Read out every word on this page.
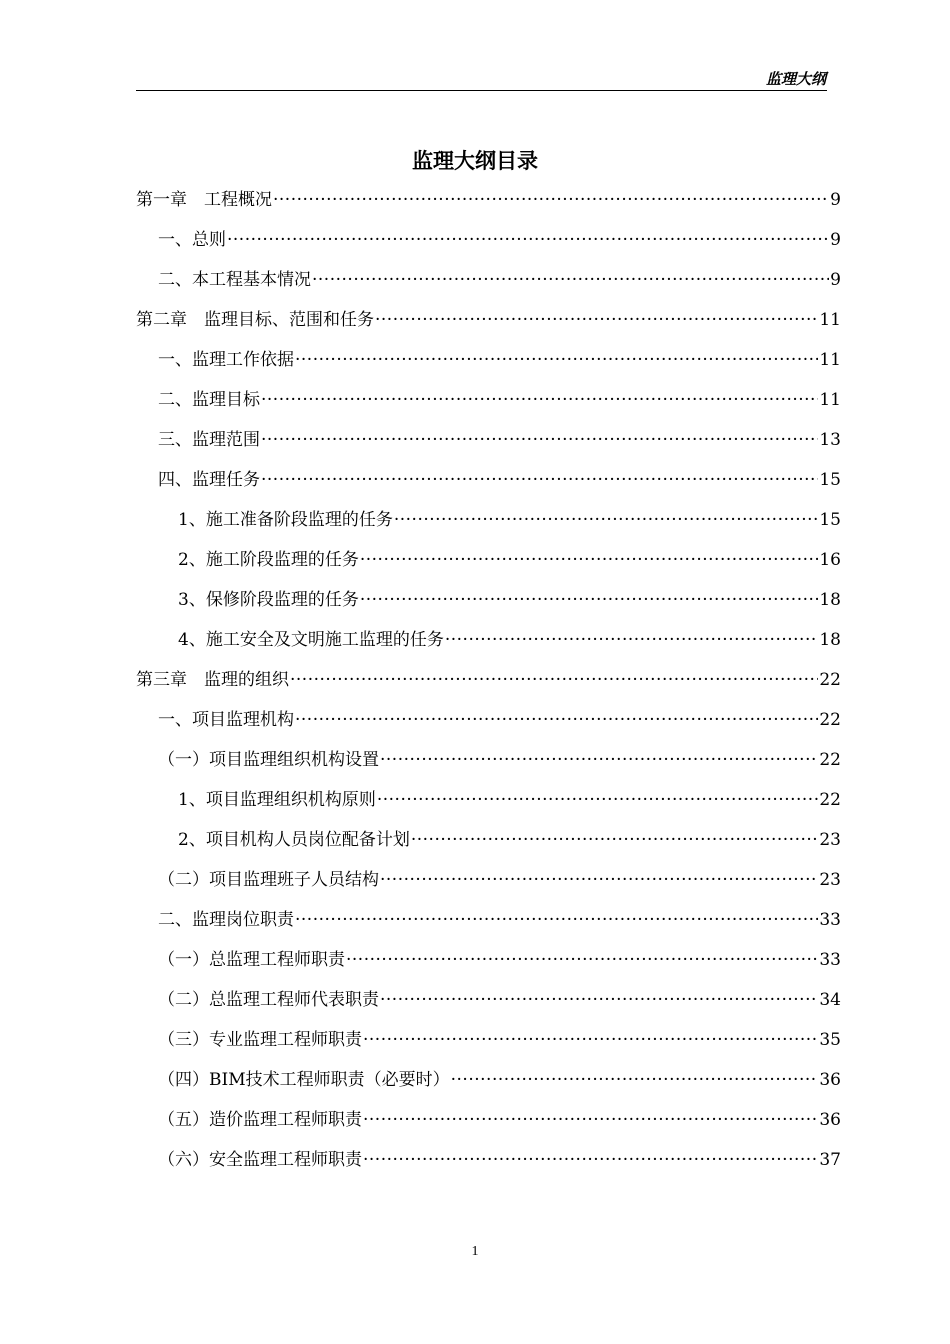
监理大纲
监理大纲目录
第一章　工程概况 ·····	9
一、总则 ·····	9
二、本工程基本情况 ·····	9
第二章　监理目标、范围和任务 ·····	11
一、监理工作依据 ·····	11
二、监理目标 ·····	11
三、监理范围 ·····	13
四、监理任务 ·····	15
1、施工准备阶段监理的任务 ·····	15
2、施工阶段监理的任务 ·····	16
3、保修阶段监理的任务 ·····	18
4、施工安全及文明施工监理的任务 ·····	18
第三章　监理的组织 ·····	22
一、项目监理机构 ·····	22
（一）项目监理组织机构设置 ·····	22
1、项目监理组织机构原则 ·····	22
2、项目机构人员岗位配备计划 ·····	23
（二）项目监理班子人员结构 ·····	23
二、监理岗位职责 ·····	33
（一）总监理工程师职责 ·····	33
（二）总监理工程师代表职责 ·····	34
（三）专业监理工程师职责 ·····	35
（四）BIM技术工程师职责（必要时） ·····	36
（五）造价监理工程师职责 ·····	36
（六）安全监理工程师职责 ·····	37
1
